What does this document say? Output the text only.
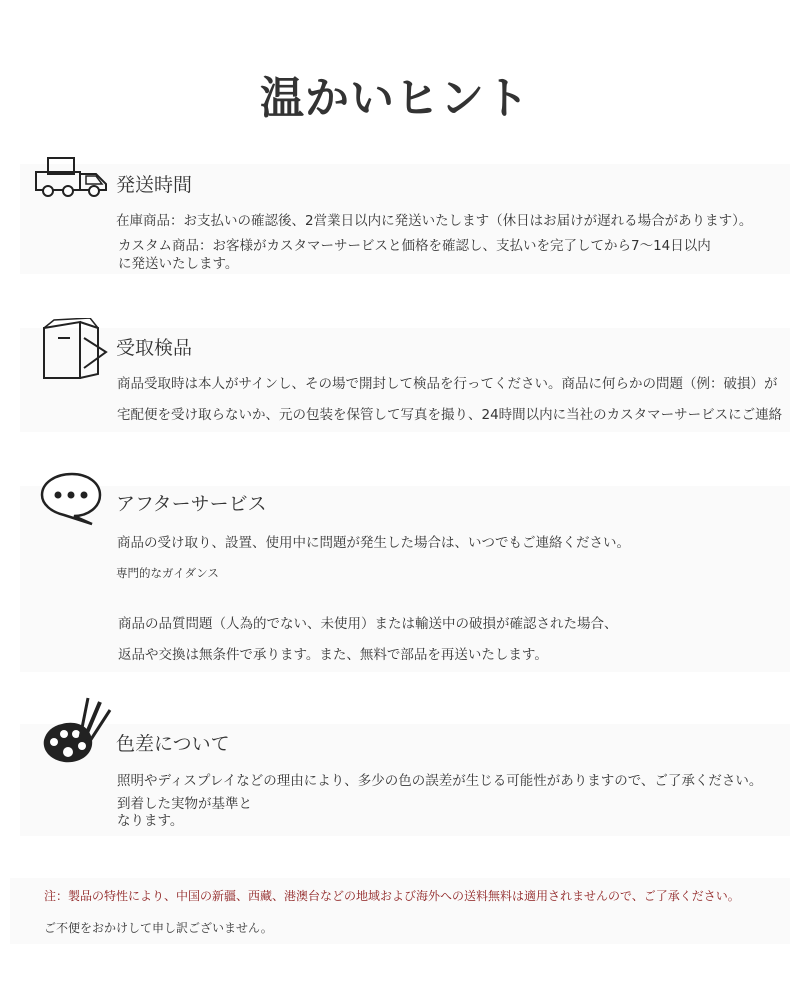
温かいヒント
発送時間
在庫商品：お支払いの確認後、2営業日以内に発送いたします（休日はお届けが遅れる場合があります）。
カスタム商品：お客様がカスタマーサービスと価格を確認し、支払いを完了してから7〜14日以内
に発送いたします。
受取検品
商品受取時は本人がサインし、その場で開封して検品を行ってください。商品に何らかの問題（例：破損）が
宅配便を受け取らないか、元の包装を保管して写真を撮り、24時間以内に当社のカスタマーサービスにご連絡
アフターサービス
商品の受け取り、設置、使用中に問題が発生した場合は、いつでもご連絡ください。
専門的なガイダンス
商品の品質問題（人為的でない、未使用）または輸送中の破損が確認された場合、
返品や交換は無条件で承ります。また、無料で部品を再送いたします。
色差について
照明やディスプレイなどの理由により、多少の色の誤差が生じる可能性がありますので、ご了承ください。
到着した実物が基準と
なります。
注：製品の特性により、中国の新疆、西藏、港澳台などの地域および海外への送料無料は適用されませんので、ご了承ください。
ご不便をおかけして申し訳ございません。
